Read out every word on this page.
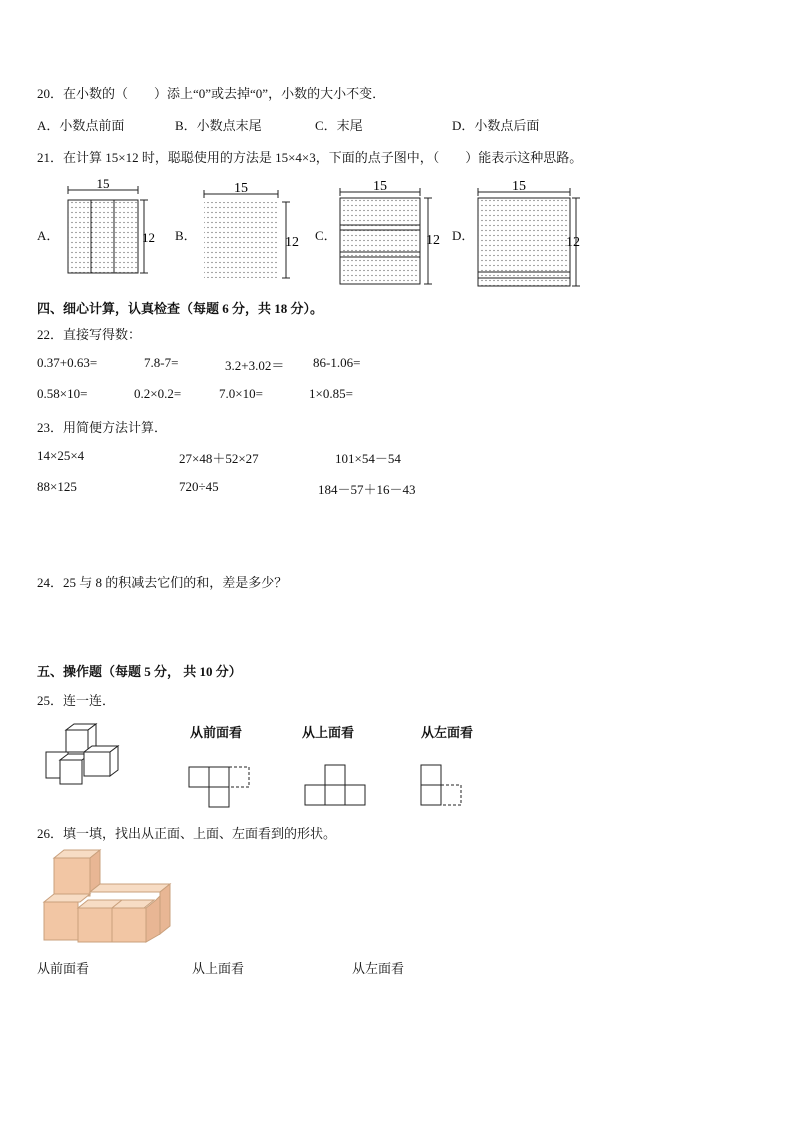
20．在小数的（　　）添上“0”或去掉“0”，小数的大小不变．
A．小数点前面	B．小数点末尾	C．末尾	D．小数点后面
21．在计算 15×12 时，聪聪使用的方法是 15×4×3，下面的点子图中，（　　）能表示这种思路。
A．	B．	C．	D．
15
12
15
12
15
12
15
12
四、细心计算，认真检查（每题 6 分，共 18 分）。
22．直接写得数：
0.37+0.63=	7.8-7=	3.2+3.02＝ 86-1.06=
0.58×10=	0.2×0.2=	7.0×10=	1×0.85=
23．用简便方法计算．
14×25×4	27×48＋52×27	101×54－54
88×125	720÷45	184－57＋16－43
24．25 与 8 的积减去它们的和，差是多少？
五、操作题（每题 5 分， 共 10 分）
25．连一连．
从前面看	从上面看	从左面看
26．填一填，找出从正面、上面、左面看到的形状。
从前面看	从上面看	从左面看
